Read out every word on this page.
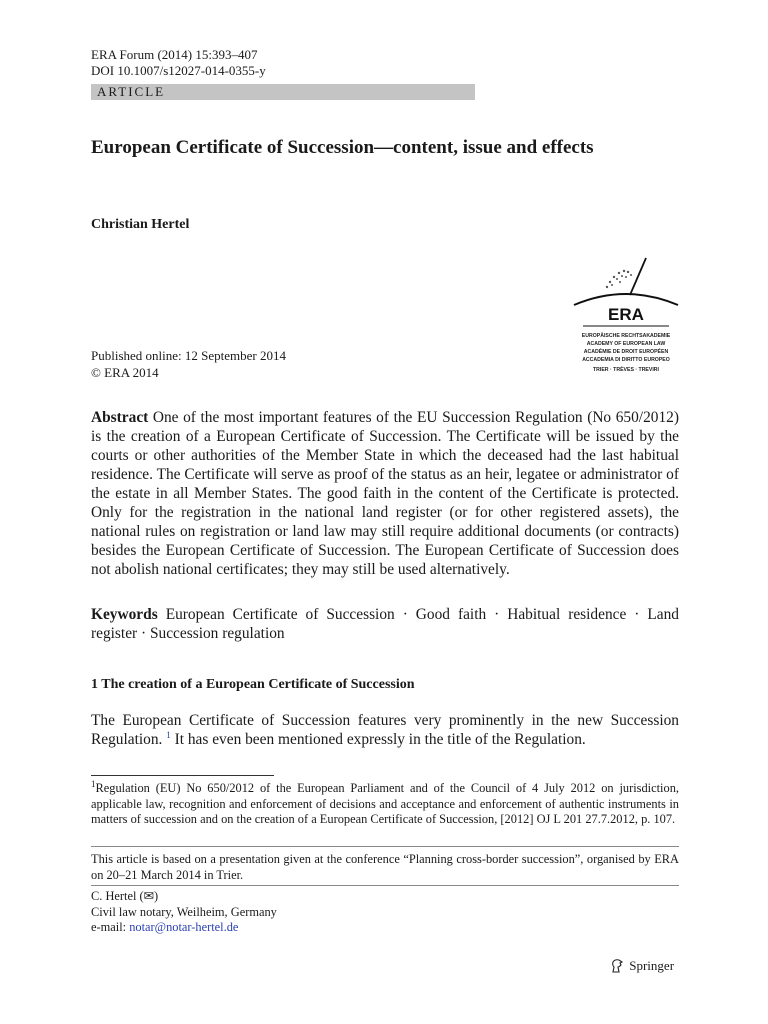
ERA Forum (2014) 15:393–407
DOI 10.1007/s12027-014-0355-y
ARTICLE
European Certificate of Succession—content, issue and effects
Christian Hertel
ERA
EUROPÄISCHE RECHTSAKADEMIE
ACADEMY OF EUROPEAN LAW
ACADÉMIE DE DROIT EUROPÉEN
ACCADEMIA DI DIRITTO EUROPEO
TRIER · TRÈVES · TREVIRI
Published online: 12 September 2014
© ERA 2014
Abstract One of the most important features of the EU Succession Regulation (No 650/2012) is the creation of a European Certificate of Succession. The Certificate will be issued by the courts or other authorities of the Member State in which the deceased had the last habitual residence. The Certificate will serve as proof of the status as an heir, legatee or administrator of the estate in all Member States. The good faith in the content of the Certificate is protected. Only for the registration in the national land register (or for other registered assets), the national rules on registration or land law may still require additional documents (or contracts) besides the European Certificate of Succession. The European Certificate of Succession does not abolish national certificates; they may still be used alternatively.
Keywords European Certificate of Succession · Good faith · Habitual residence · Land register · Succession regulation
1 The creation of a European Certificate of Succession
The European Certificate of Succession features very prominently in the new Succession Regulation. $^1$ It has even been mentioned expressly in the title of the Regulation.
$^1$Regulation (EU) No 650/2012 of the European Parliament and of the Council of 4 July 2012 on jurisdiction, applicable law, recognition and enforcement of decisions and acceptance and enforcement of authentic instruments in matters of succession and on the creation of a European Certificate of Succession, [2012] OJ L 201 27.7.2012, p. 107.
This article is based on a presentation given at the conference “Planning cross-border succession”, organised by ERA on 20–21 March 2014 in Trier.
C. Hertel (✉)
Civil law notary, Weilheim, Germany
e-mail: notar@notar-hertel.de
Springer
